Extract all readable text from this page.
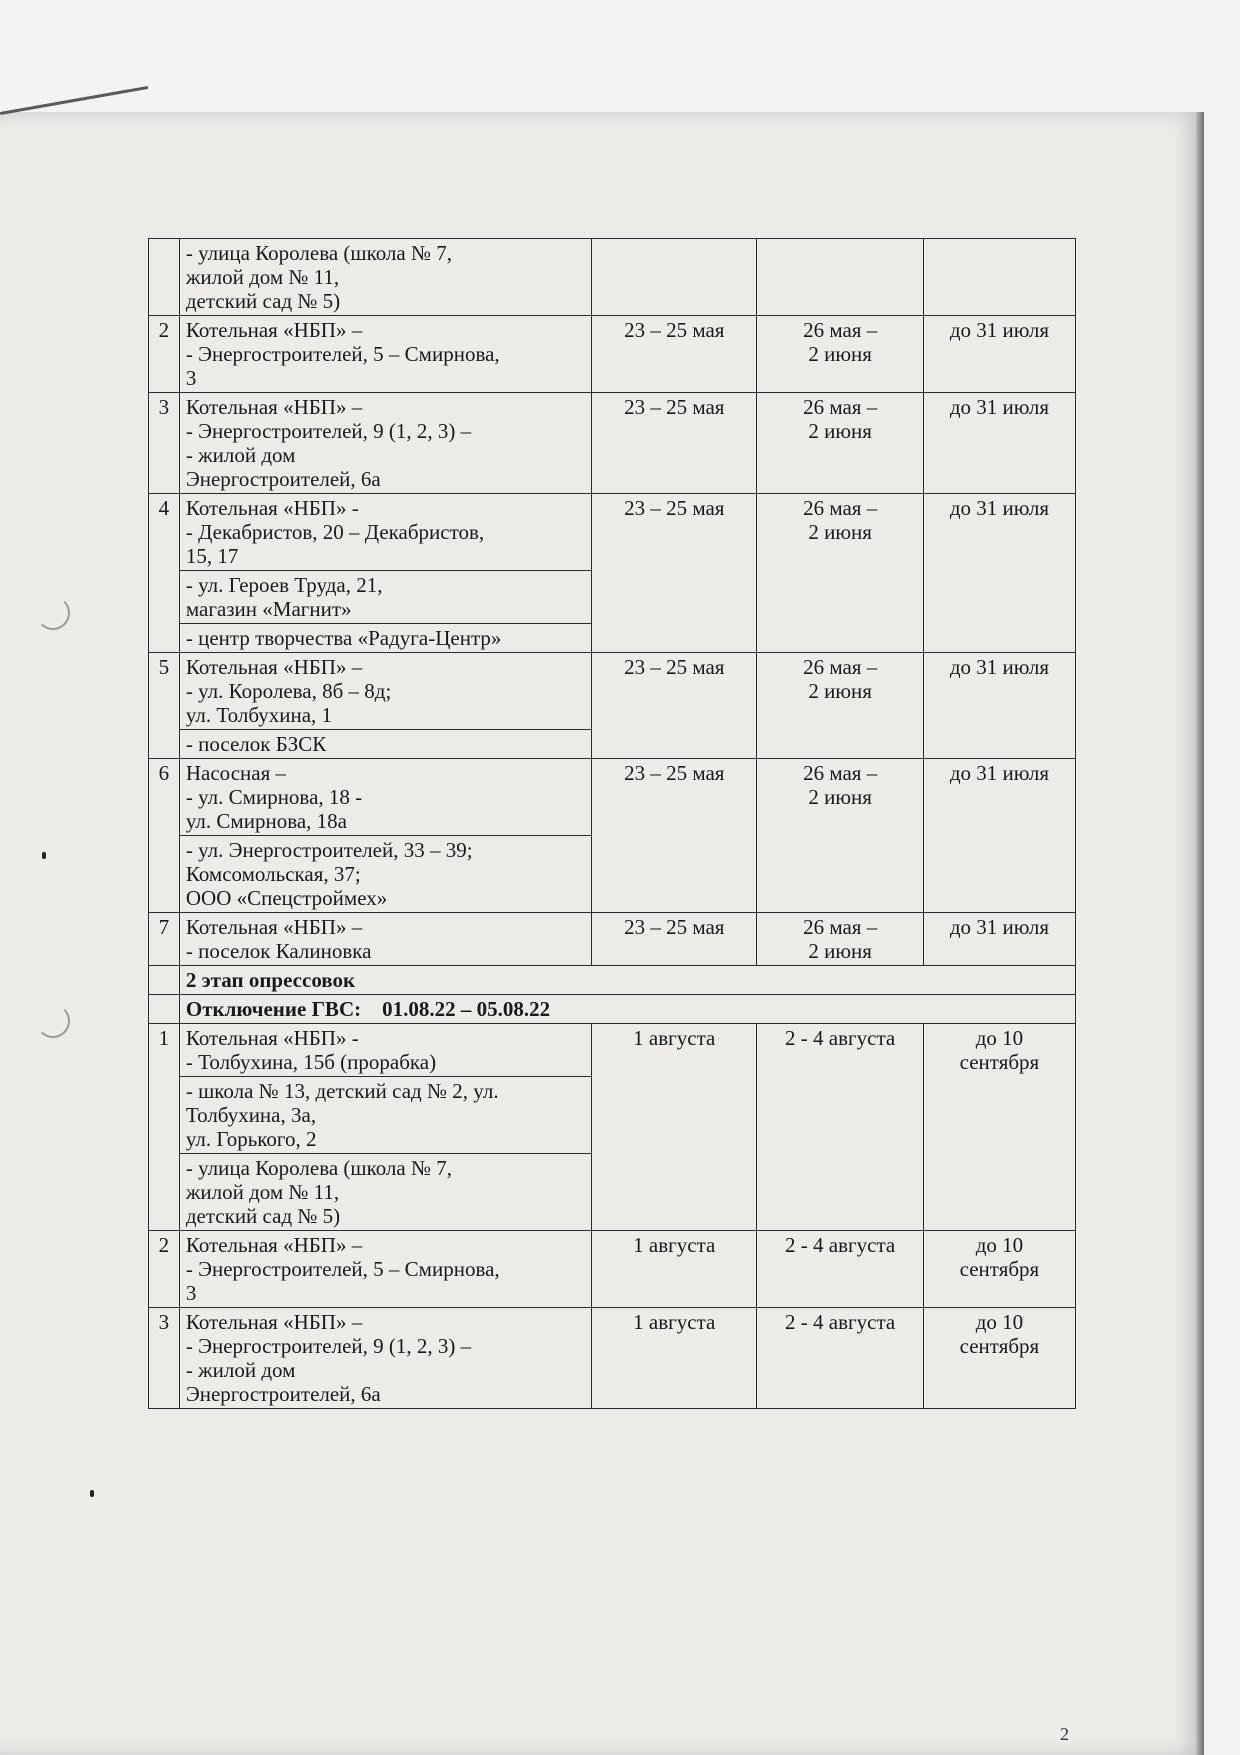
2

	- улица Королева (школа № 7,
жилой дом № 11,
детский сад № 5)			

2	Котельная «НБП» –
- Энергостроителей, 5 – Смирнова,
3	23 – 25 мая	26 мая –
2 июня	до 31 июля
3	Котельная «НБП» –
- Энергостроителей, 9 (1, 2, 3) –
- жилой дом
Энергостроителей, 6а	23 – 25 мая	26 мая –
2 июня	до 31 июля
4	Котельная «НБП» -
- Декабристов, 20 – Декабристов,
15, 17	23 – 25 мая	26 мая –
2 июня	до 31 июля

	- ул. Героев Труда, 21,
магазин «Магнит»			

	- центр творчества «Радуга-Центр»			

5	Котельная «НБП» –
- ул. Королева, 8б – 8д;
ул. Толбухина, 1	23 – 25 мая	26 мая –
2 июня	до 31 июля

	- поселок БЗСК			

6	Насосная –
- ул. Смирнова, 18 -
ул. Смирнова, 18а	23 – 25 мая	26 мая –
2 июня	до 31 июля

	- ул. Энергостроителей, 33 – 39;
Комсомольская, 37;
ООО «Спецстроймех»			

7	Котельная «НБП» –
- поселок Калиновка	23 – 25 мая	26 мая –
2 июня	до 31 июля
	2 этап опрессовок			
	Отключение ГВС: 01.08.22 – 05.08.22			
1	Котельная «НБП» -
- Толбухина, 15б (прорабка)	1 августа	2 - 4 августа	до 10
сентября

	- школа № 13, детский сад № 2, ул.
Толбухина, 3а,
ул. Горького, 2			

	- улица Королева (школа № 7,
жилой дом № 11,
детский сад № 5)			

2	Котельная «НБП» –
- Энергостроителей, 5 – Смирнова,
3	1 августа	2 - 4 августа	до 10
сентября

3	Котельная «НБП» –
- Энергостроителей, 9 (1, 2, 3) –
- жилой дом
Энергостроителей, 6а	1 августа	2 - 4 августа	до 10
сентября
